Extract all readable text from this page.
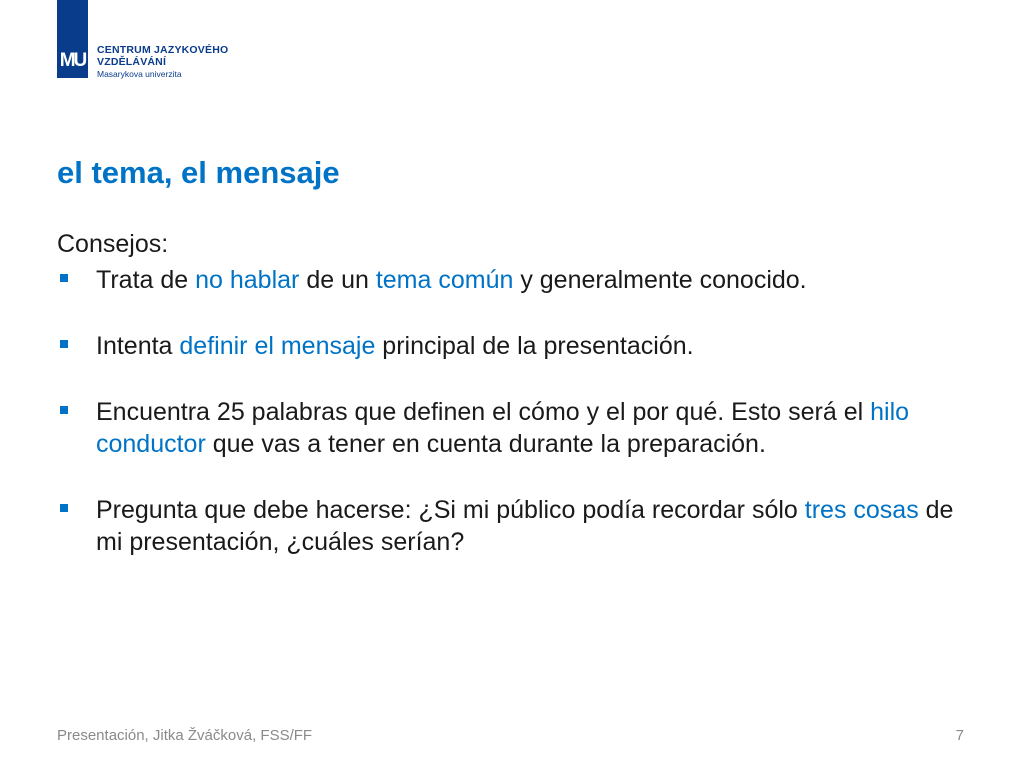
MU CENTRUM JAZYKOVÉHO
VZDĚLÁVÁNÍ
Masarykova univerzita
el tema, el mensaje

Consejos:

Trata de no hablar de un tema común y generalmente conocido.
Intenta definir el mensaje principal de la presentación.
Encuentra 25 palabras que definen el cómo y el por qué. Esto será el hilo conductor que vas a tener en cuenta durante la preparación.
Pregunta que debe hacerse: ¿Si mi público podía recordar sólo tres cosas de mi presentación, ¿cuáles serían?
Presentación, Jitka Žváčková, FSS/FF	7
